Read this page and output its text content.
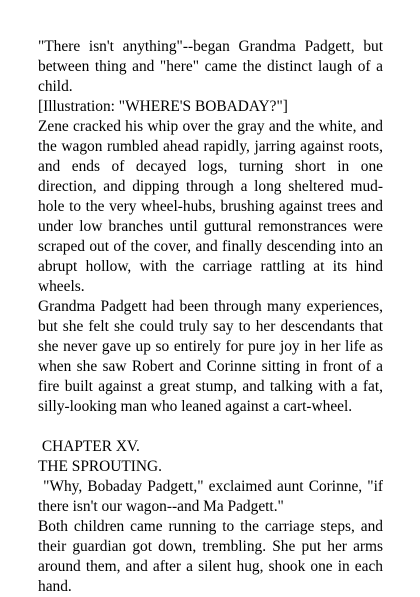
"There isn't anything"--began Grandma Padgett, but between thing and "here" came the distinct laugh of a child.

[Illustration: "WHERE'S BOBADAY?"]

Zene cracked his whip over the gray and the white, and the wagon rumbled ahead rapidly, jarring against roots, and ends of decayed logs, turning short in one direction, and dipping through a long sheltered mud-hole to the very wheel-hubs, brushing against trees and under low branches until guttural remonstrances were scraped out of the cover, and finally descending into an abrupt hollow, with the carriage rattling at its hind wheels.

Grandma Padgett had been through many experiences, but she felt she could truly say to her descendants that she never gave up so entirely for pure joy in her life as when she saw Robert and Corinne sitting in front of a fire built against a great stump, and talking with a fat, silly-looking man who leaned against a cart-wheel.

CHAPTER XV.

THE SPROUTING.

"Why, Bobaday Padgett," exclaimed aunt Corinne, "if there isn't our wagon--and Ma Padgett."

Both children came running to the carriage steps, and their guardian got down, trembling. She put her arms around them, and after a silent hug, shook one in each hand.
